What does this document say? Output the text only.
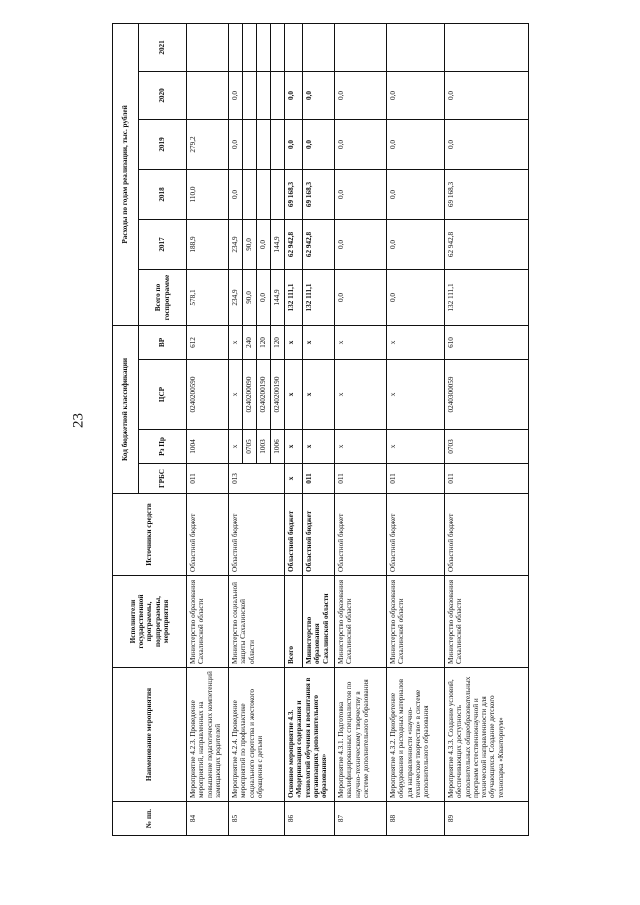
23
№ пп.	Наименование мероприятия	Исполнители государственной программы, подпрограммы, мероприятия	Источники средств	Код бюджетной классификации				Расходы по годам реализации, тыс. рублей					
				ГРБС	Рз Пр	ЦСР	ВР	Всего по госпрограмме	2017	2018	2019	2020	2021
84	Мероприятие 4.2.3. Проведение мероприятий, направленных на повышение педагогических компетенций замещающих родителей	Министерство образования Сахалинской области	Областной бюджет	011	1004	0240200590	612	578,1	188,9	110,0	279,2		
85	Мероприятие 4.2.4. Проведение мероприятий по профилактике социального сиротства и жестокого обращения с детьми	Министерство социальной защиты Сахалинской области	Областной бюджет	013	х	х	х	234,9	234,9	0,0	0,0	0,0	
					0705	0240200090	240	90,0	90,0				
					1003	0240200190	120	0,0	0,0				
					1006	0240200190	120	144,9	144,9				
86	Основное мероприятие 4.3. «Модернизация содержания и технологий обучения и воспитания в организациях дополнительного образования»	Всего	Областной бюджет	х	х	х	х	132 111,1	62 942,8	69 168,3	0,0	0,0	
		Министерство образования Сахалинской области	Областной бюджет	011	х	х	х	132 111,1	62 942,8	69 168,3	0,0	0,0	
87	Мероприятие 4.3.1. Подготовка квалифицированных специалистов по научно-техническому творчеству в системе дополнительного образования	Министерство образования Сахалинской области	Областной бюджет	011	х	х	х	0,0	0,0	0,0	0,0	0,0	
88	Мероприятие 4.3.2. Приобретение оборудования и расходных материалов для направленности «научно-техническое творчество» в системе дополнительного образования	Министерство образования Сахалинской области	Областной бюджет	011	х	х	х	0,0	0,0	0,0	0,0	0,0	
89	Мероприятие 4.3.3. Создание условий, обеспечивающих доступность дополнительных общеобразовательных программ естественнонаучной и технической направленности для обучающихся. Создание детского технопарка «Кванториум»	Министерство образования Сахалинской области	Областной бюджет	011	0703	0240300059	610	132 111,1	62 942,8	69 168,3	0,0	0,0	
